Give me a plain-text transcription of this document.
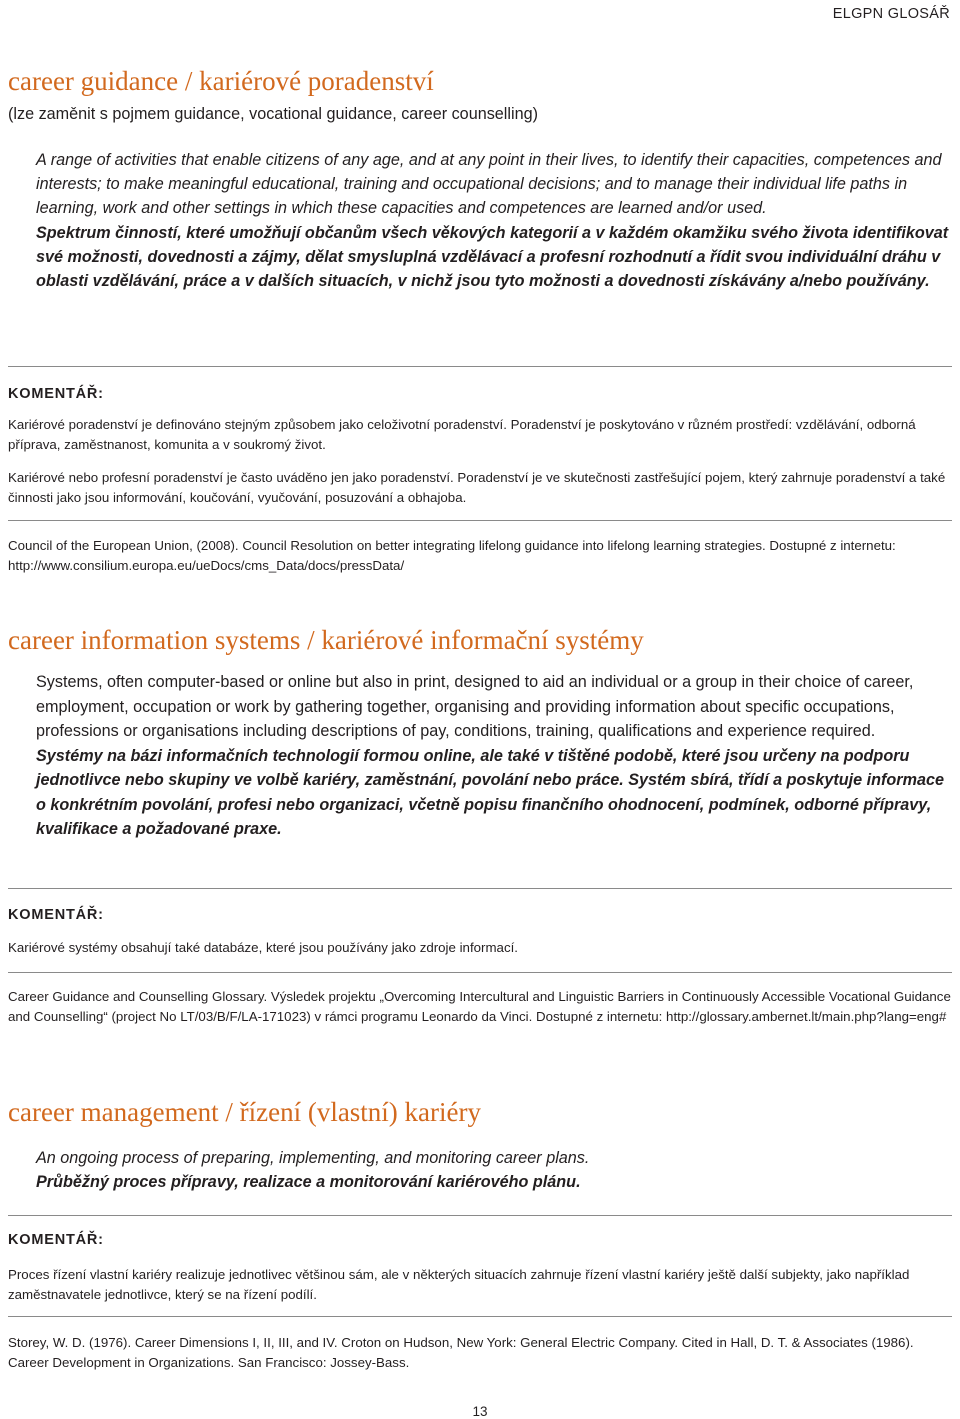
ELGPN GLOSÁŘ
career guidance / kariérové poradenství

(lze zaměnit s pojmem guidance, vocational guidance, career counselling)

A range of activities that enable citizens of any age, and at any point in their lives, to identify their capacities, competences and interests; to make meaningful educational, training and occupational decisions; and to manage their individual life paths in learning, work and other settings in which these capacities and competences are learned and/or used.
Spektrum činností, které umožňují občanům všech věkových kategorií a v každém okamžiku svého života identifikovat své možnosti, dovednosti a zájmy, dělat smysluplná vzdělávací a profesní rozhodnutí a řídit svou individuální dráhu v oblasti vzdělávání, práce a v dalších situacích, v nichž jsou tyto možnosti a dovednosti získávány a/nebo používány.
KOMENTÁŘ:
Kariérové poradenství je definováno stejným způsobem jako celoživotní poradenství. Poradenství je poskytováno v různém prostředí: vzdělávání, odborná příprava, zaměstnanost, komunita a v soukromý život.
Kariérové nebo profesní poradenství je často uváděno jen jako poradenství. Poradenství je ve skutečnosti zastřešující pojem, který zahrnuje poradenství a také činnosti jako jsou informování, koučování, vyučování, posuzování a obhajoba.
Council of the European Union, (2008). Council Resolution on better integrating lifelong guidance into lifelong learning strategies. Dostupné z internetu: http://www.consilium.europa.eu/ueDocs/cms_Data/docs/pressData/
career information systems / kariérové informační systémy
Systems, often computer-based or online but also in print, designed to aid an individual or a group in their choice of career, employment, occupation or work by gathering together, organising and providing information about specific occupations, professions or organisations including descriptions of pay, conditions, training, qualifications and experience required.
Systémy na bázi informačních technologií formou online, ale také v tištěné podobě, které jsou určeny na podporu jednotlivce nebo skupiny ve volbě kariéry, zaměstnání, povolání nebo práce. Systém sbírá, třídí a poskytuje informace o konkrétním povolání, profesi nebo organizaci, včetně popisu finančního ohodnocení, podmínek, odborné přípravy, kvalifikace a požadované praxe.
KOMENTÁŘ:
Kariérové systémy obsahují také databáze, které jsou používány jako zdroje informací.
Career Guidance and Counselling Glossary. Výsledek projektu „Overcoming Intercultural and Linguistic Barriers in Continuously Accessible Vocational Guidance and Counselling“ (project No LT/03/B/F/LA-171023) v rámci programu Leonardo da Vinci. Dostupné z internetu: http://glossary.ambernet.lt/main.php?lang=eng#
career management / řízení (vlastní) kariéry
An ongoing process of preparing, implementing, and monitoring career plans.
Průběžný proces přípravy, realizace a monitorování kariérového plánu.
KOMENTÁŘ:
Proces řízení vlastní kariéry realizuje jednotlivec většinou sám, ale v některých situacích zahrnuje řízení vlastní kariéry ještě další subjekty, jako například zaměstnavatele jednotlivce, který se na řízení podílí.
Storey, W. D. (1976). Career Dimensions I, II, III, and IV. Croton on Hudson, New York: General Electric Company. Cited in Hall, D. T. & Associates (1986). Career Development in Organizations. San Francisco: Jossey-Bass.
13
